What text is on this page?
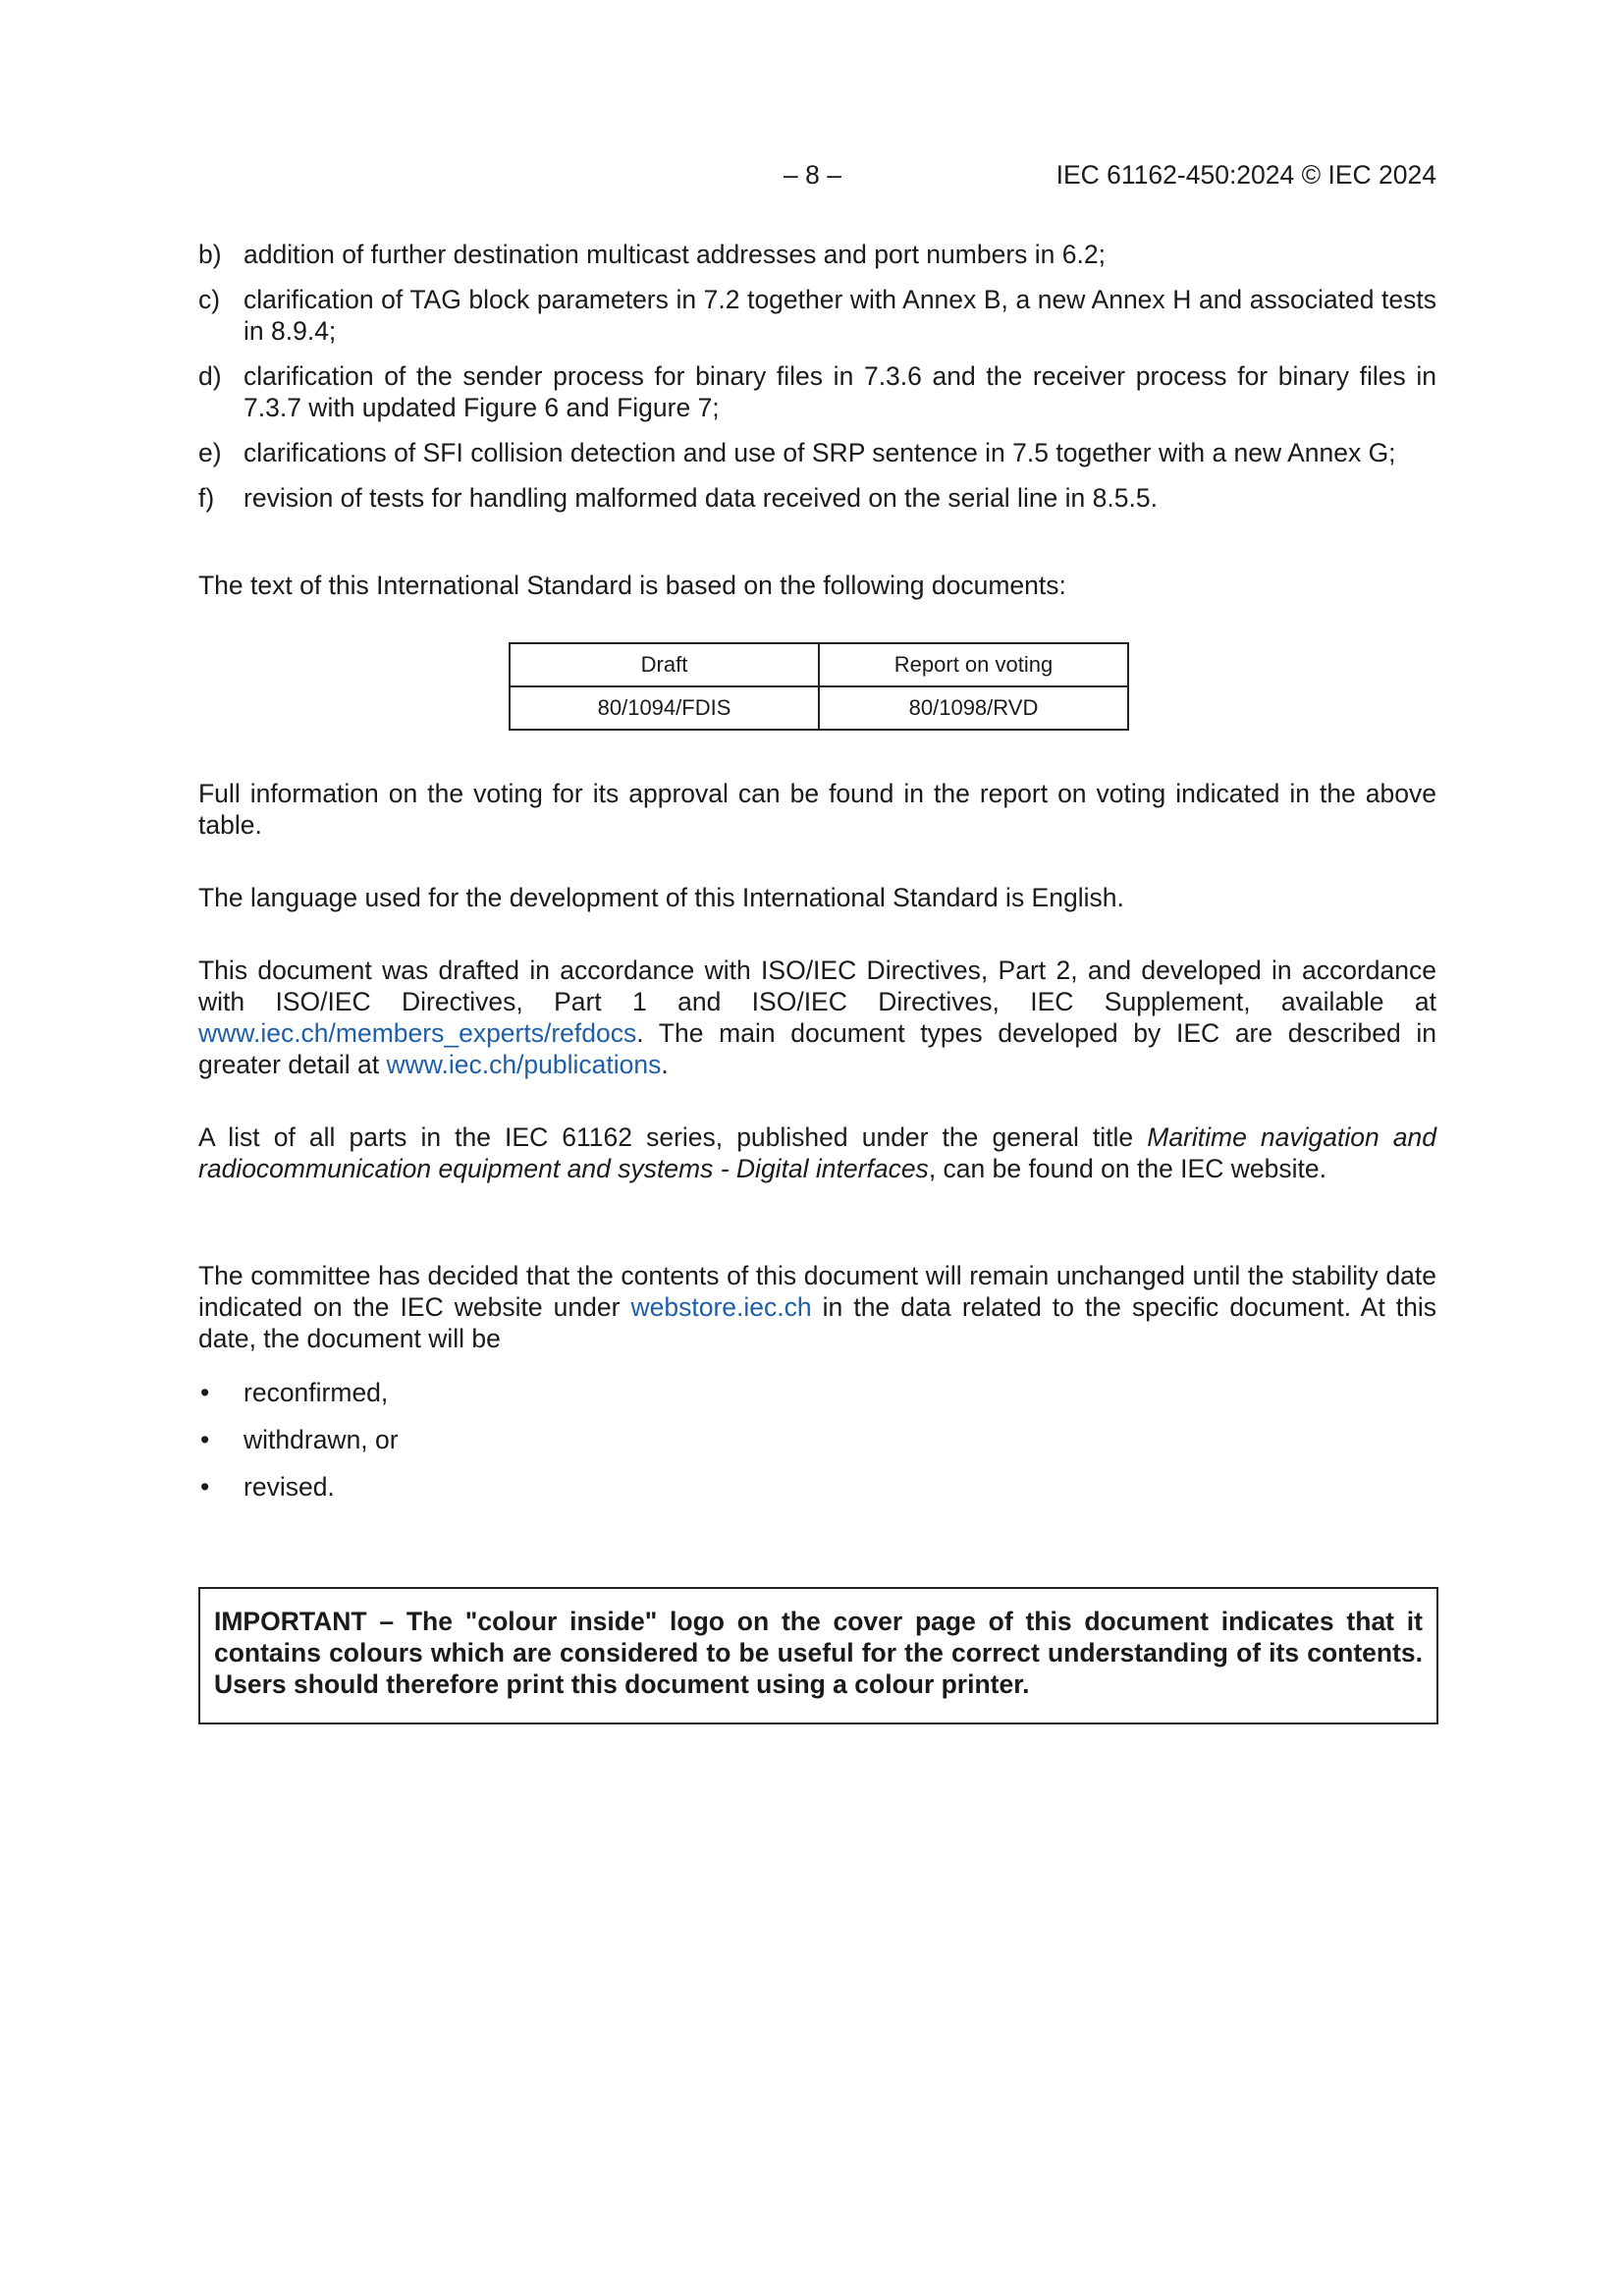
– 8 –	IEC 61162-450:2024 © IEC 2024
b) addition of further destination multicast addresses and port numbers in 6.2;
c) clarification of TAG block parameters in 7.2 together with Annex B, a new Annex H and associated tests in 8.9.4;
d) clarification of the sender process for binary files in 7.3.6 and the receiver process for binary files in 7.3.7 with updated Figure 6 and Figure 7;
e) clarifications of SFI collision detection and use of SRP sentence in 7.5 together with a new Annex G;
f) revision of tests for handling malformed data received on the serial line in 8.5.5.

The text of this International Standard is based on the following documents:

Draft	Report on voting
80/1094/FDIS	80/1098/RVD

Full information on the voting for its approval can be found in the report on voting indicated in the above table.

The language used for the development of this International Standard is English.

This document was drafted in accordance with ISO/IEC Directives, Part 2, and developed in accordance with ISO/IEC Directives, Part 1 and ISO/IEC Directives, IEC Supplement, available at www.iec.ch/members_experts/refdocs. The main document types developed by IEC are described in greater detail at www.iec.ch/publications.

A list of all parts in the IEC 61162 series, published under the general title Maritime navigation and radiocommunication equipment and systems - Digital interfaces, can be found on the IEC website.

The committee has decided that the contents of this document will remain unchanged until the stability date indicated on the IEC website under webstore.iec.ch in the data related to the specific document. At this date, the document will be

• reconfirmed,
• withdrawn, or
• revised.
IMPORTANT – The "colour inside" logo on the cover page of this document indicates that it contains colours which are considered to be useful for the correct understanding of its contents. Users should therefore print this document using a colour printer.
